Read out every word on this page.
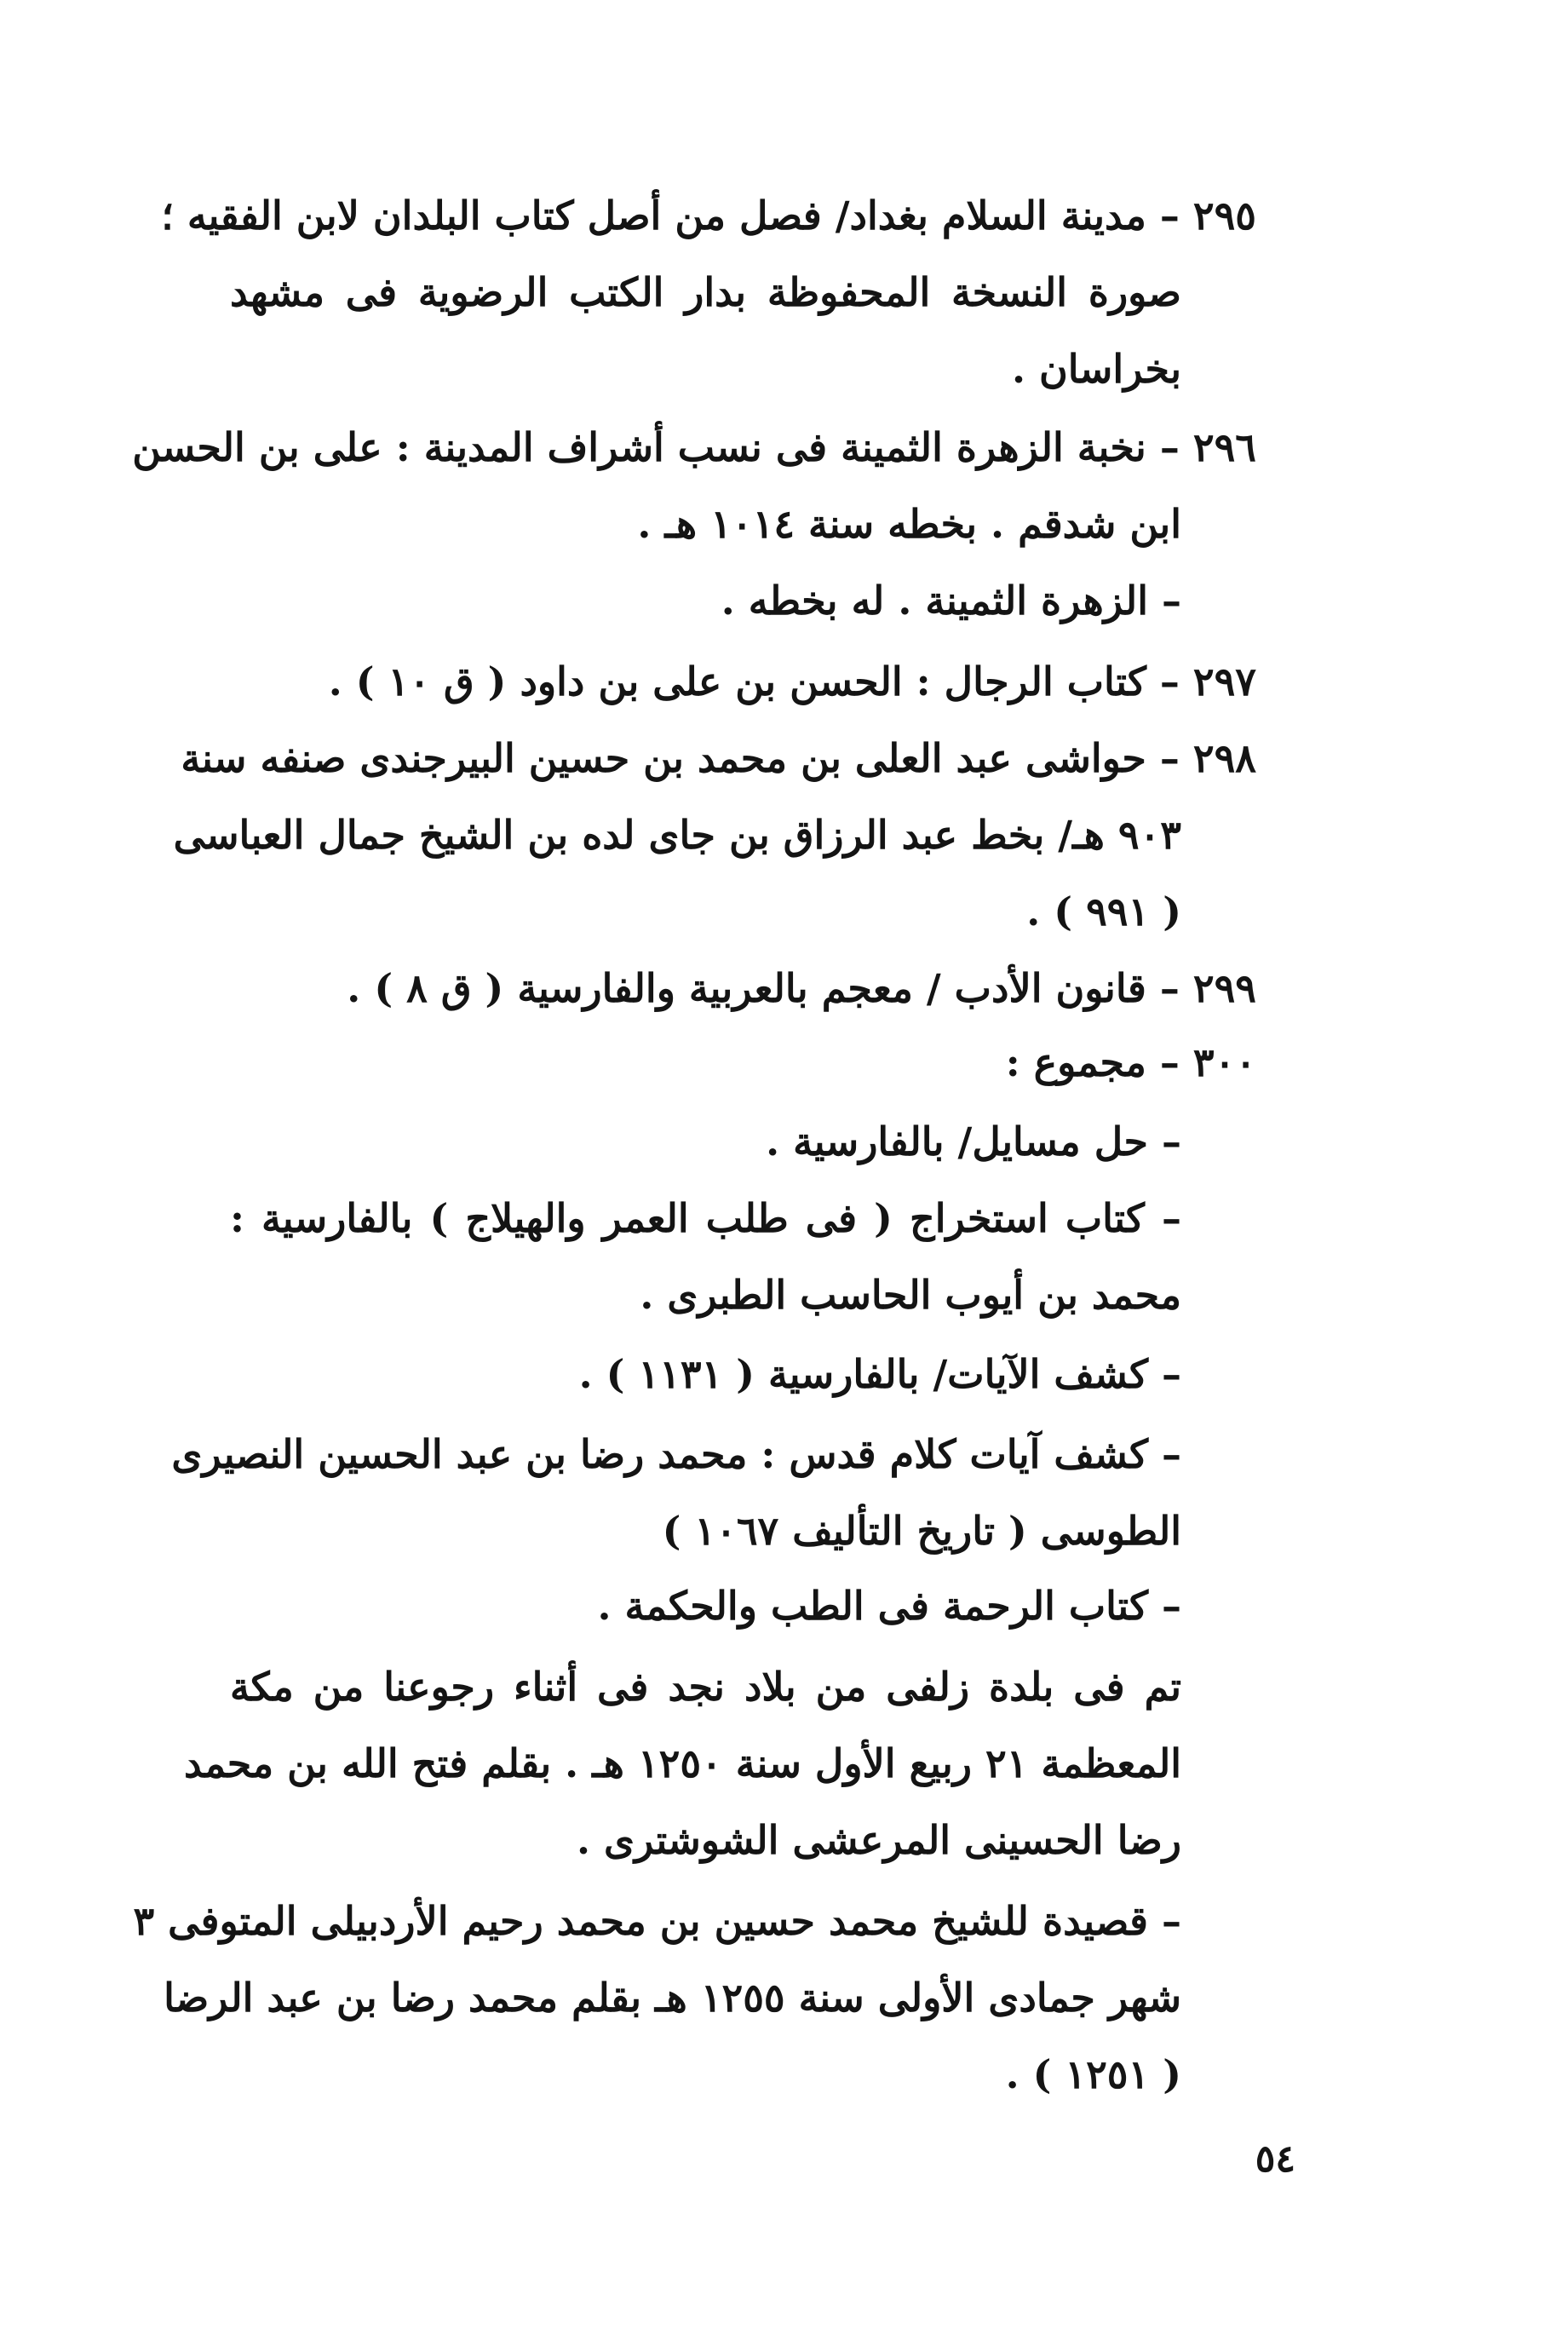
٢٩٥ – مدينة السلام بغداد/ فصل من أصل كتاب البلدان لابن الفقيه ؛
صورة النسخة المحفوظة بدار الكتب الرضوية فى مشهد
بخراسان .
٢٩٦ – نخبة الزهرة الثمينة فى نسب أشراف المدينة : على بن الحسن
ابن شدقم . بخطه سنة ١٠١٤ هـ .
– الزهرة الثمينة . له بخطه .
٢٩٧ – كتاب الرجال : الحسن بن على بن داود ( ق ١٠ ) .
٢٩٨ – حواشى عبد العلى بن محمد بن حسين البيرجندى صنفه سنة
٩٠٣ هـ/ بخط عبد الرزاق بن جاى لده بن الشيخ جمال العباسى
( ٩٩١ ) .
٢٩٩ – قانون الأدب / معجم بالعربية والفارسية ( ق ٨ ) .
٣٠٠ – مجموع :
– حل مسايل/ بالفارسية .
– كتاب استخراج ( فى طلب العمر والهيلاج ) بالفارسية :
محمد بن أيوب الحاسب الطبرى .
– كشف الآيات/ بالفارسية ( ١١٣١ ) .
– كشف آيات كلام قدس : محمد رضا بن عبد الحسين النصيرى
الطوسى ( تاريخ التأليف ١٠٦٧ )
– كتاب الرحمة فى الطب والحكمة .
تم فى بلدة زلفى من بلاد نجد فى أثناء رجوعنا من مكة
المعظمة ٢١ ربيع الأول سنة ١٢٥٠ هـ . بقلم فتح الله بن محمد
رضا الحسينى المرعشى الشوشترى .
– قصيدة للشيخ محمد حسين بن محمد رحيم الأردبيلى المتوفى ٣
شهر جمادى الأولى سنة ١٢٥٥ هـ بقلم محمد رضا بن عبد الرضا
( ١٢٥١ ) .
٥٤
